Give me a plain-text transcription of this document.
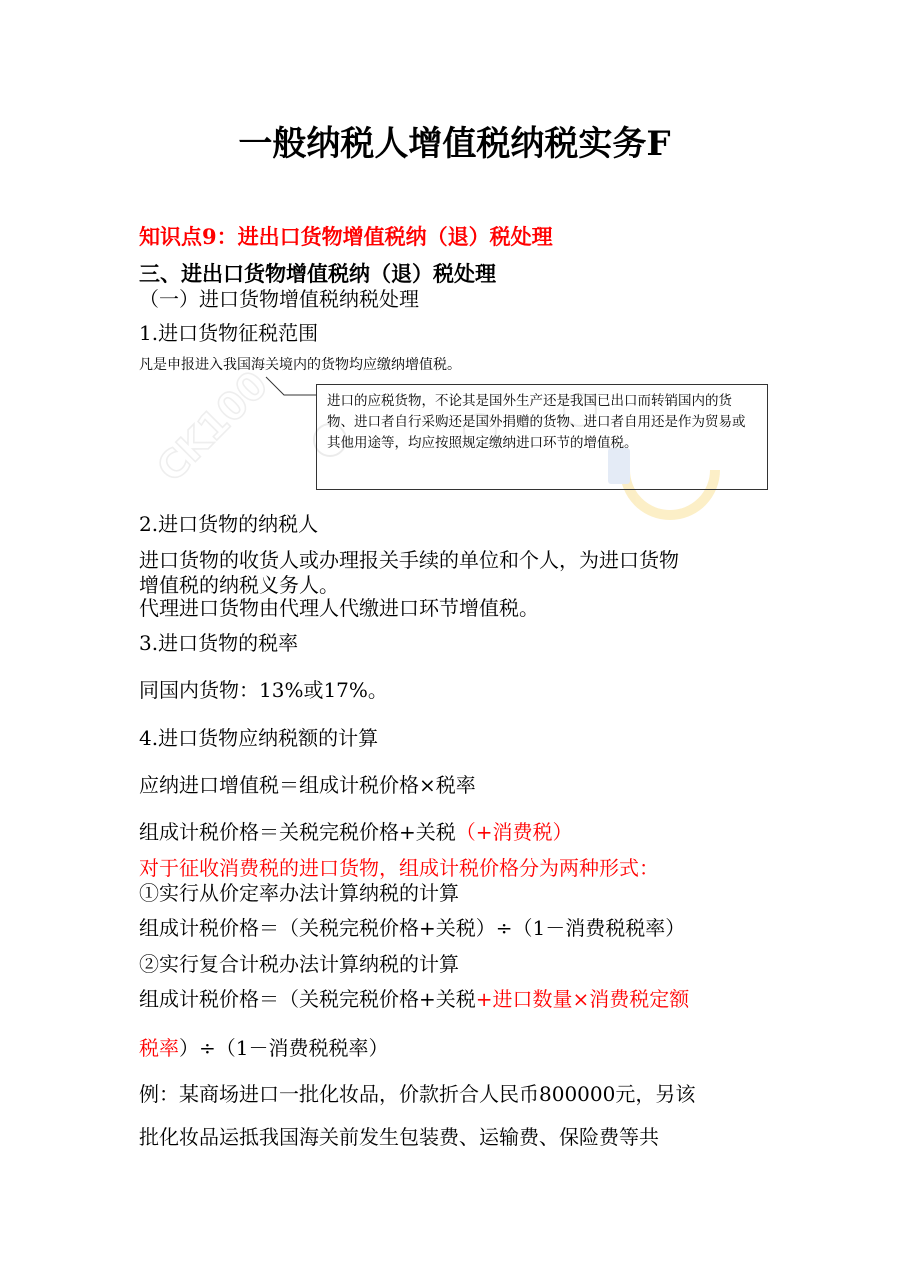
CK100
一般纳税人增值税纳税实务F
知识点9：进出口货物增值税纳（退）税处理
三、进出口货物增值税纳（退）税处理
（一）进口货物增值税纳税处理
1.进口货物征税范围
凡是申报进入我国海关境内的货物均应缴纳增值税。
进口的应税货物，不论其是国外生产还是我国已出口而转销国内的货物、进口者自行采购还是国外捐赠的货物、进口者自用还是作为贸易或其他用途等，均应按照规定缴纳进口环节的增值税。
2.进口货物的纳税人
进口货物的收货人或办理报关手续的单位和个人，为进口货物
增值税的纳税义务人。
代理进口货物由代理人代缴进口环节增值税。
3.进口货物的税率
同国内货物：13%或17%。
4.进口货物应纳税额的计算
应纳进口增值税＝组成计税价格×税率
组成计税价格＝关税完税价格+关税（+消费税）
对于征收消费税的进口货物，组成计税价格分为两种形式：
①实行从价定率办法计算纳税的计算
组成计税价格＝（关税完税价格+关税）÷（1－消费税税率）
②实行复合计税办法计算纳税的计算
组成计税价格＝（关税完税价格+关税+进口数量×消费税定额
税率）÷（1－消费税税率）
例：某商场进口一批化妆品，价款折合人民币800000元，另该
批化妆品运抵我国海关前发生包装费、运输费、保险费等共
